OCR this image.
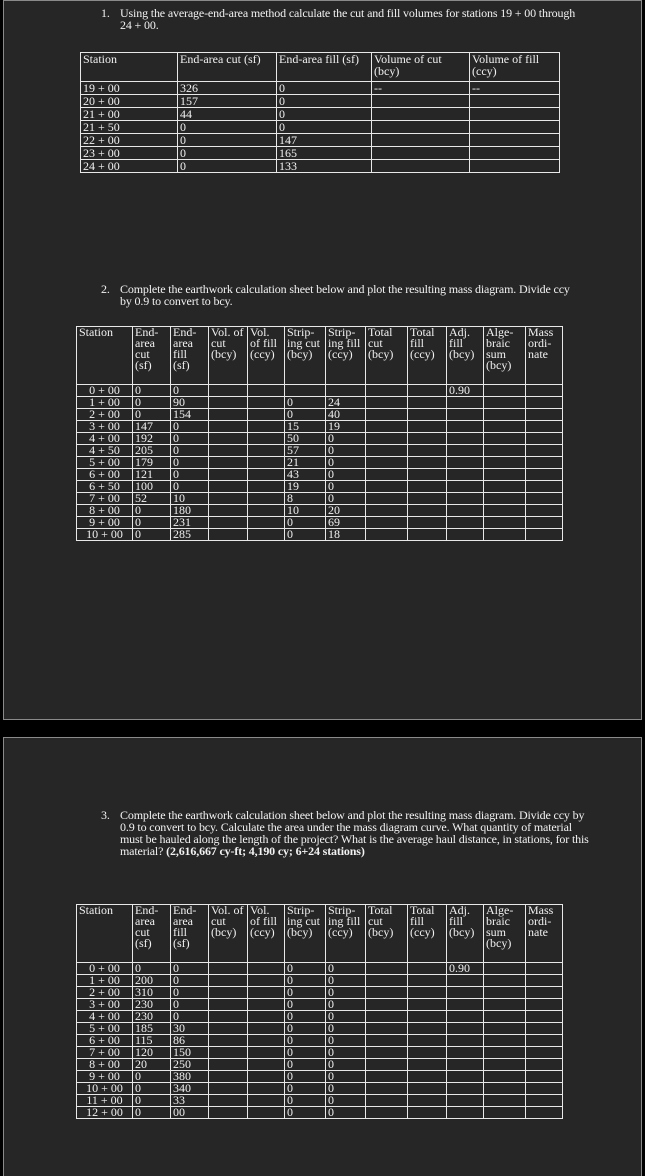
1. Using the average-end-area method calculate the cut and fill volumes for stations 19 + 00 through 24 + 00.
Station	End-area cut (sf)	End-area fill (sf)	Volume of cut (bcy)	Volume of fill (ccy)
19 + 00	326	0	--	--
20 + 00	157	0		
21 + 00	44	0		
21 + 50	0	0		
22 + 00	0	147		
23 + 00	0	165		
24 + 00	0	133		
2. Complete the earthwork calculation sheet below and plot the resulting mass diagram. Divide ccy by 0.9 to convert to bcy.
Station	End- area cut (sf)	End- area fill (sf)	Vol. of cut (bcy)	Vol. of fill (ccy)	Strip- ing cut (bcy)	Strip- ing fill (ccy)	Total cut (bcy)	Total fill (ccy)	Adj. fill (bcy)	Alge- braic sum (bcy)	Mass ordi- nate
0 + 00	0	0							0.90		
1 + 00	0	90			0	24					
2 + 00	0	154			0	40					
3 + 00	147	0			15	19					
4 + 00	192	0			50	0					
4 + 50	205	0			57	0					
5 + 00	179	0			21	0					
6 + 00	121	0			43	0					
6 + 50	100	0			19	0					
7 + 00	52	10			8	0					
8 + 00	0	180			10	20					
9 + 00	0	231			0	69					
10 + 00	0	285			0	18					
3. Complete the earthwork calculation sheet below and plot the resulting mass diagram. Divide ccy by 0.9 to convert to bcy. Calculate the area under the mass diagram curve. What quantity of material must be hauled along the length of the project? What is the average haul distance, in stations, for this material? (2,616,667 cy-ft; 4,190 cy; 6+24 stations)
Station	End- area cut (sf)	End- area fill (sf)	Vol. of cut (bcy)	Vol. of fill (ccy)	Strip- ing cut (bcy)	Strip- ing fill (ccy)	Total cut (bcy)	Total fill (ccy)	Adj. fill (bcy)	Alge- braic sum (bcy)	Mass ordi- nate
0 + 00	0	0			0	0			0.90		
1 + 00	200	0			0	0					
2 + 00	310	0			0	0					
3 + 00	230	0			0	0					
4 + 00	230	0			0	0					
5 + 00	185	30			0	0					
6 + 00	115	86			0	0					
7 + 00	120	150			0	0					
8 + 00	20	250			0	0					
9 + 00	0	380			0	0					
10 + 00	0	340			0	0					
11 + 00	0	33			0	0					
12 + 00	0	00			0	0					
